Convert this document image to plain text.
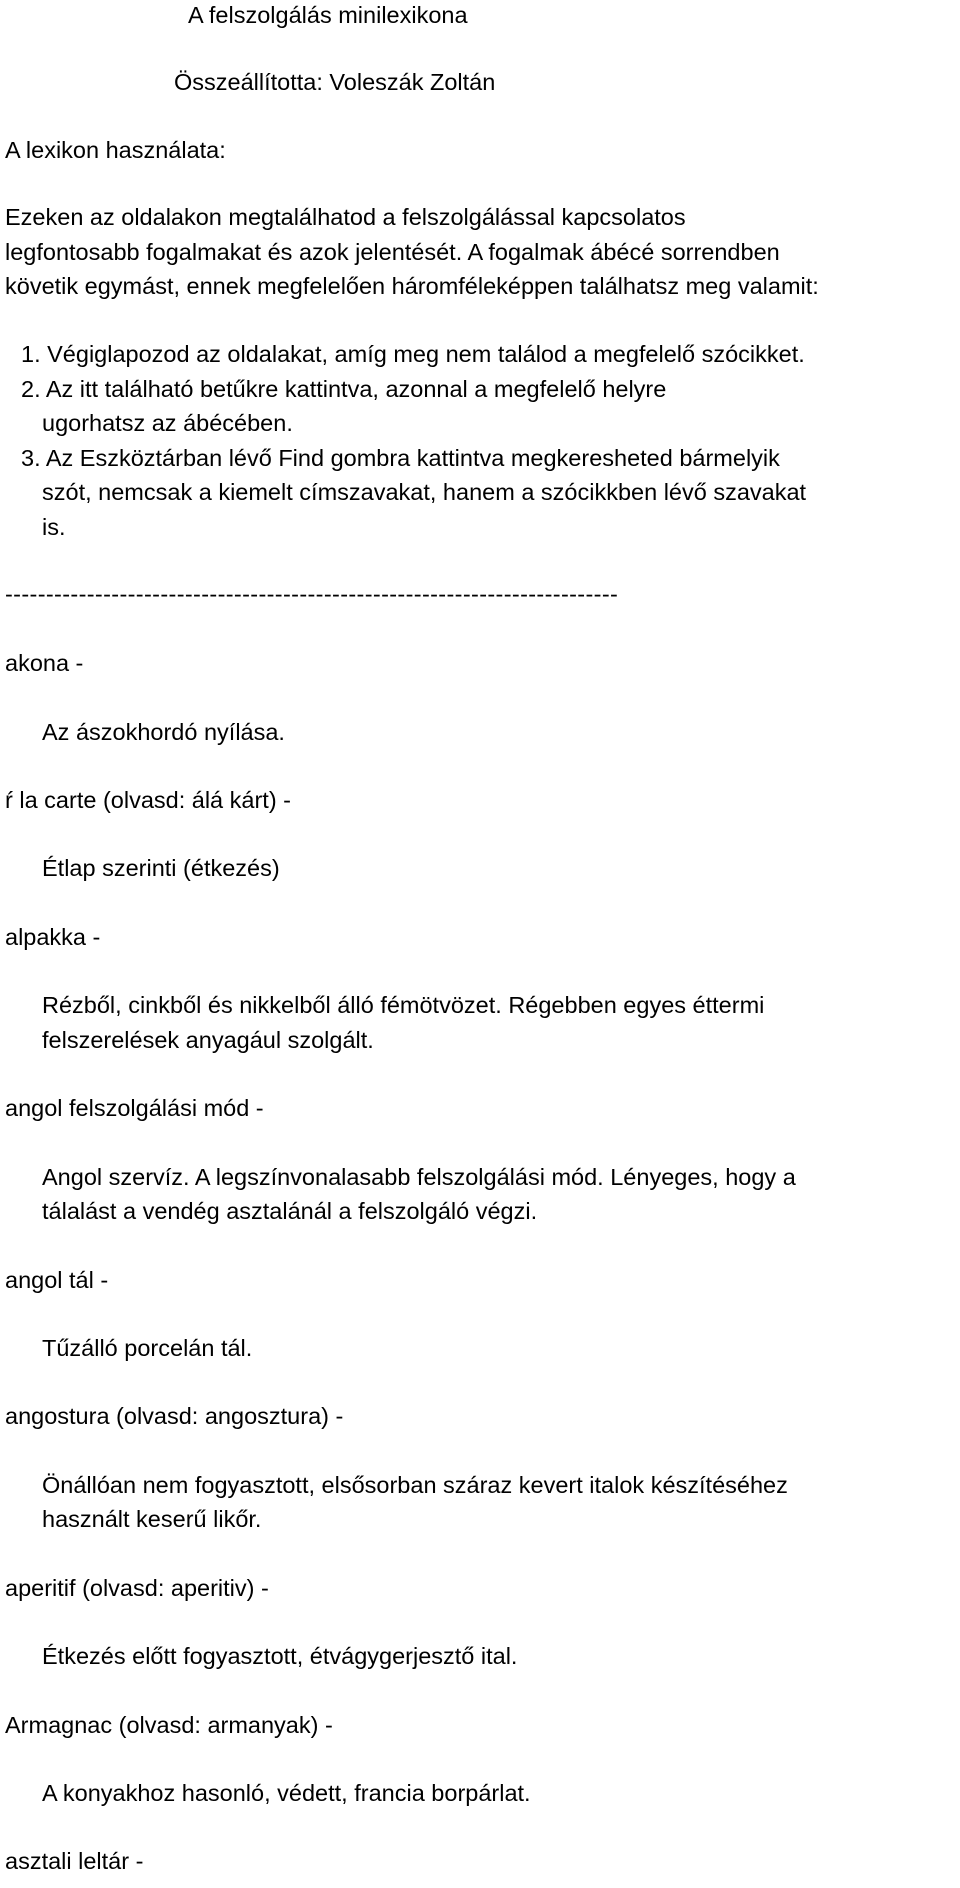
A felszolgálás minilexikona
Összeállította: Voleszák Zoltán
A lexikon használata:
Ezeken az oldalakon megtalálhatod a felszolgálással kapcsolatos
legfontosabb fogalmakat és azok jelentését. A fogalmak ábécé sorrendben
követik egymást, ennek megfelelően háromféleképpen találhatsz meg valamit:
1. Végiglapozod az oldalakat, amíg meg nem találod a megfelelő szócikket.
2. Az itt található betűkre kattintva, azonnal a megfelelő helyre
ugorhatsz az ábécében.
3. Az Eszköztárban lévő Find gombra kattintva megkeresheted bármelyik
szót, nemcsak a kiemelt címszavakat, hanem a szócikkben lévő szavakat
is.
---------------------------------------------------------------------------
akona -
Az ászokhordó nyílása.
ŕ la carte (olvasd: álá kárt) -
Étlap szerinti (étkezés)
alpakka -
Rézből, cinkből és nikkelből álló fémötvözet. Régebben egyes éttermi
felszerelések anyagául szolgált.
angol felszolgálási mód -
Angol szervíz. A legszínvonalasabb felszolgálási mód. Lényeges, hogy a
tálalást a vendég asztalánál a felszolgáló végzi.
angol tál -
Tűzálló porcelán tál.
angostura (olvasd: angosztura) -
Önállóan nem fogyasztott, elsősorban száraz kevert italok készítéséhez
használt keserű likőr.
aperitif (olvasd: aperitiv) -
Étkezés előtt fogyasztott, étvágygerjesztő ital.
Armagnac (olvasd: armanyak) -
A konyakhoz hasonló, védett, francia borpárlat.
asztali leltár -
